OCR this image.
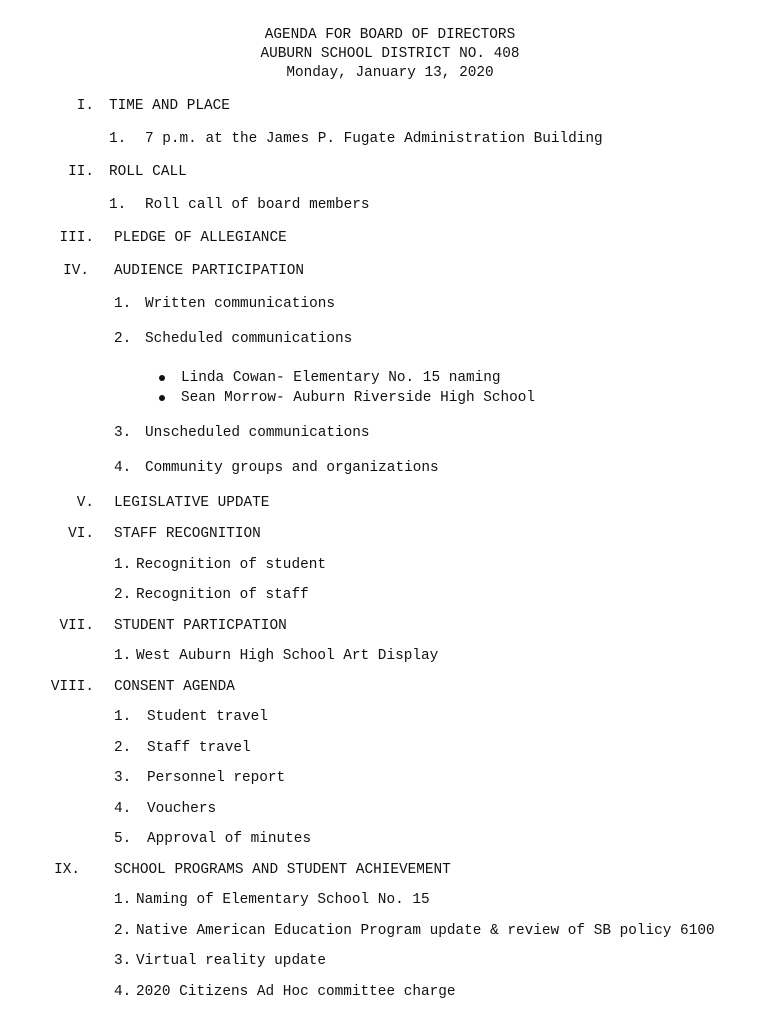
AGENDA FOR BOARD OF DIRECTORS
AUBURN SCHOOL DISTRICT NO. 408
Monday, January 13, 2020
I. TIME AND PLACE
1. 7 p.m. at the James P. Fugate Administration Building
II. ROLL CALL
1. Roll call of board members
III. PLEDGE OF ALLEGIANCE
IV. AUDIENCE PARTICIPATION
1. Written communications
2. Scheduled communications
Linda Cowan- Elementary No. 15 naming
Sean Morrow- Auburn Riverside High School
3. Unscheduled communications
4. Community groups and organizations
V. LEGISLATIVE UPDATE
VI. STAFF RECOGNITION
1. Recognition of student
2. Recognition of staff
VII. STUDENT PARTICPATION
1. West Auburn High School Art Display
VIII. CONSENT AGENDA
1. Student travel
2. Staff travel
3. Personnel report
4. Vouchers
5. Approval of minutes
IX. SCHOOL PROGRAMS AND STUDENT ACHIEVEMENT
1. Naming of Elementary School No. 15
2. Native American Education Program update & review of SB policy 6100
3. Virtual reality update
4. 2020 Citizens Ad Hoc committee charge
